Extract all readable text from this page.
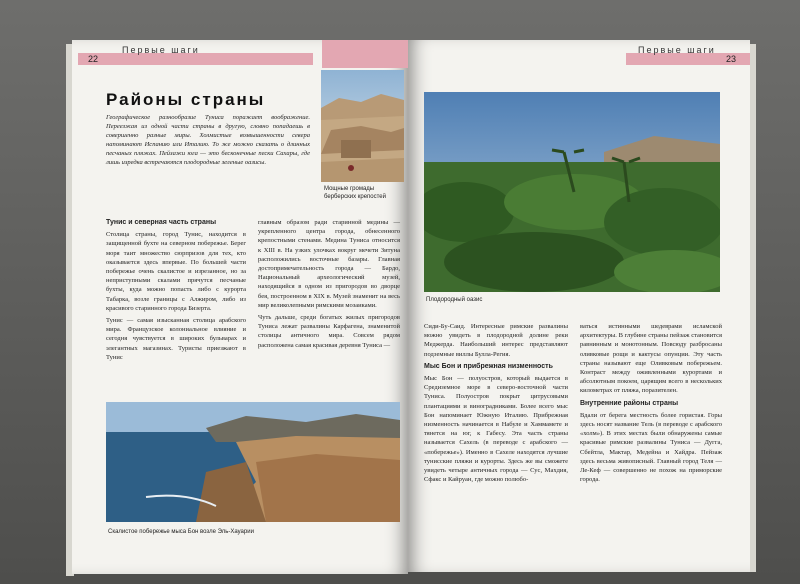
22
Первые шаги
Районы страны
Географическое разнообразие Туниса поражает воображение. Переезжая из одной части страны в другую, словно попадаешь в совершенно разные миры. Холмистые возвышенности севера напоминают Испанию или Италию. То же можно сказать о длинных песчаных пляжах. Пейзажи юга — это бесконечные пески Сахары, где лишь изредка встречаются плодородные зеленые оазисы.
Мощные громады берберских крепостей

Тунис и северная часть страны

Столица страны, город Тунис, находится в защищенной бухте на северном побережье. Берег моря таит множество сюрпризов для тех, кто оказывается здесь впервые. По большей части побережье очень скалистое и изрезанное, но за неприступными скалами прячутся песчаные бухты, куда можно попасть либо с курорта Табарка, возле границы с Алжиром, либо из красивого старинного города Бизерта.

Тунис — самая изысканная столица арабского мира. Французское колониальное влияние и сегодня чувствуется в широких бульварах и элегантных магазинах. Туристы приезжают в Тунис

главным образом ради старинной медины — укрепленного центра города, обнесенного крепостными стенами. Медина Туниса относится к XIII в. На узких улочках вокруг мечети Зитуна расположились восточные базары. Главная достопримечательность города — Бардо, Национальный археологический музей, находящийся в одном из пригородов во дворце бея, построенном в XIX в. Музей знаменит на весь мир великолепными римскими мозаиками.

Чуть дальше, среди богатых жилых пригородов Туниса лежат развалины Карфагена, знаменитой столицы античного мира. Совсем рядом расположена самая красивая деревня Туниса —

Скалистое побережье мыса Бон возле Эль-Хауарии
Первые шаги
23
Плодородный оазис

Сиди-Бу-Саид. Интересные римские развалины можно увидеть в плодородной долине реки Меджерда. Наибольший интерес представляют подземные виллы Булла-Регия.

Мыс Бон и прибрежная низменность

Мыс Бон — полуостров, который выдается в Средиземное море в северо-восточной части Туниса. Полуостров покрыт цитрусовыми плантациями и виноградниками. Более всего мыс Бон напоминает Южную Италию. Прибрежная низменность начинается в Набуле и Хаммамете и тянется на юг, к Габесу. Эта часть страны называется Сахель (в переводе с арабского — «побережье»). Именно в Сахеле находятся лучшие тунисские пляжи и курорты. Здесь же вы сможете увидеть четыре античных города — Сус, Махдия, Сфакс и Кайруан, где можно полюбо-

ваться истинными шедеврами исламской архитектуры. В глубине страны пейзаж становится равнинным и монотонным. Повсюду разбросаны оливковые рощи и кактусы опунции. Эту часть страны называют еще Оливковым побережьем. Контраст между оживленными курортами и абсолютным покоем, царящим всего в нескольких километрах от пляжа, поразителен.

Внутренние районы страны

Вдали от берега местность более гористая. Горы здесь носят название Тель (в переводе с арабского «холм»). В этих местах были обнаружены самые красивые римские развалины Туниса — Дугга, Сбейтла, Мактар, Медейна и Хайдра. Пейзаж здесь весьма живописный. Главный город Теля — Ле-Кеф — совершенно не похож на приморские города.
